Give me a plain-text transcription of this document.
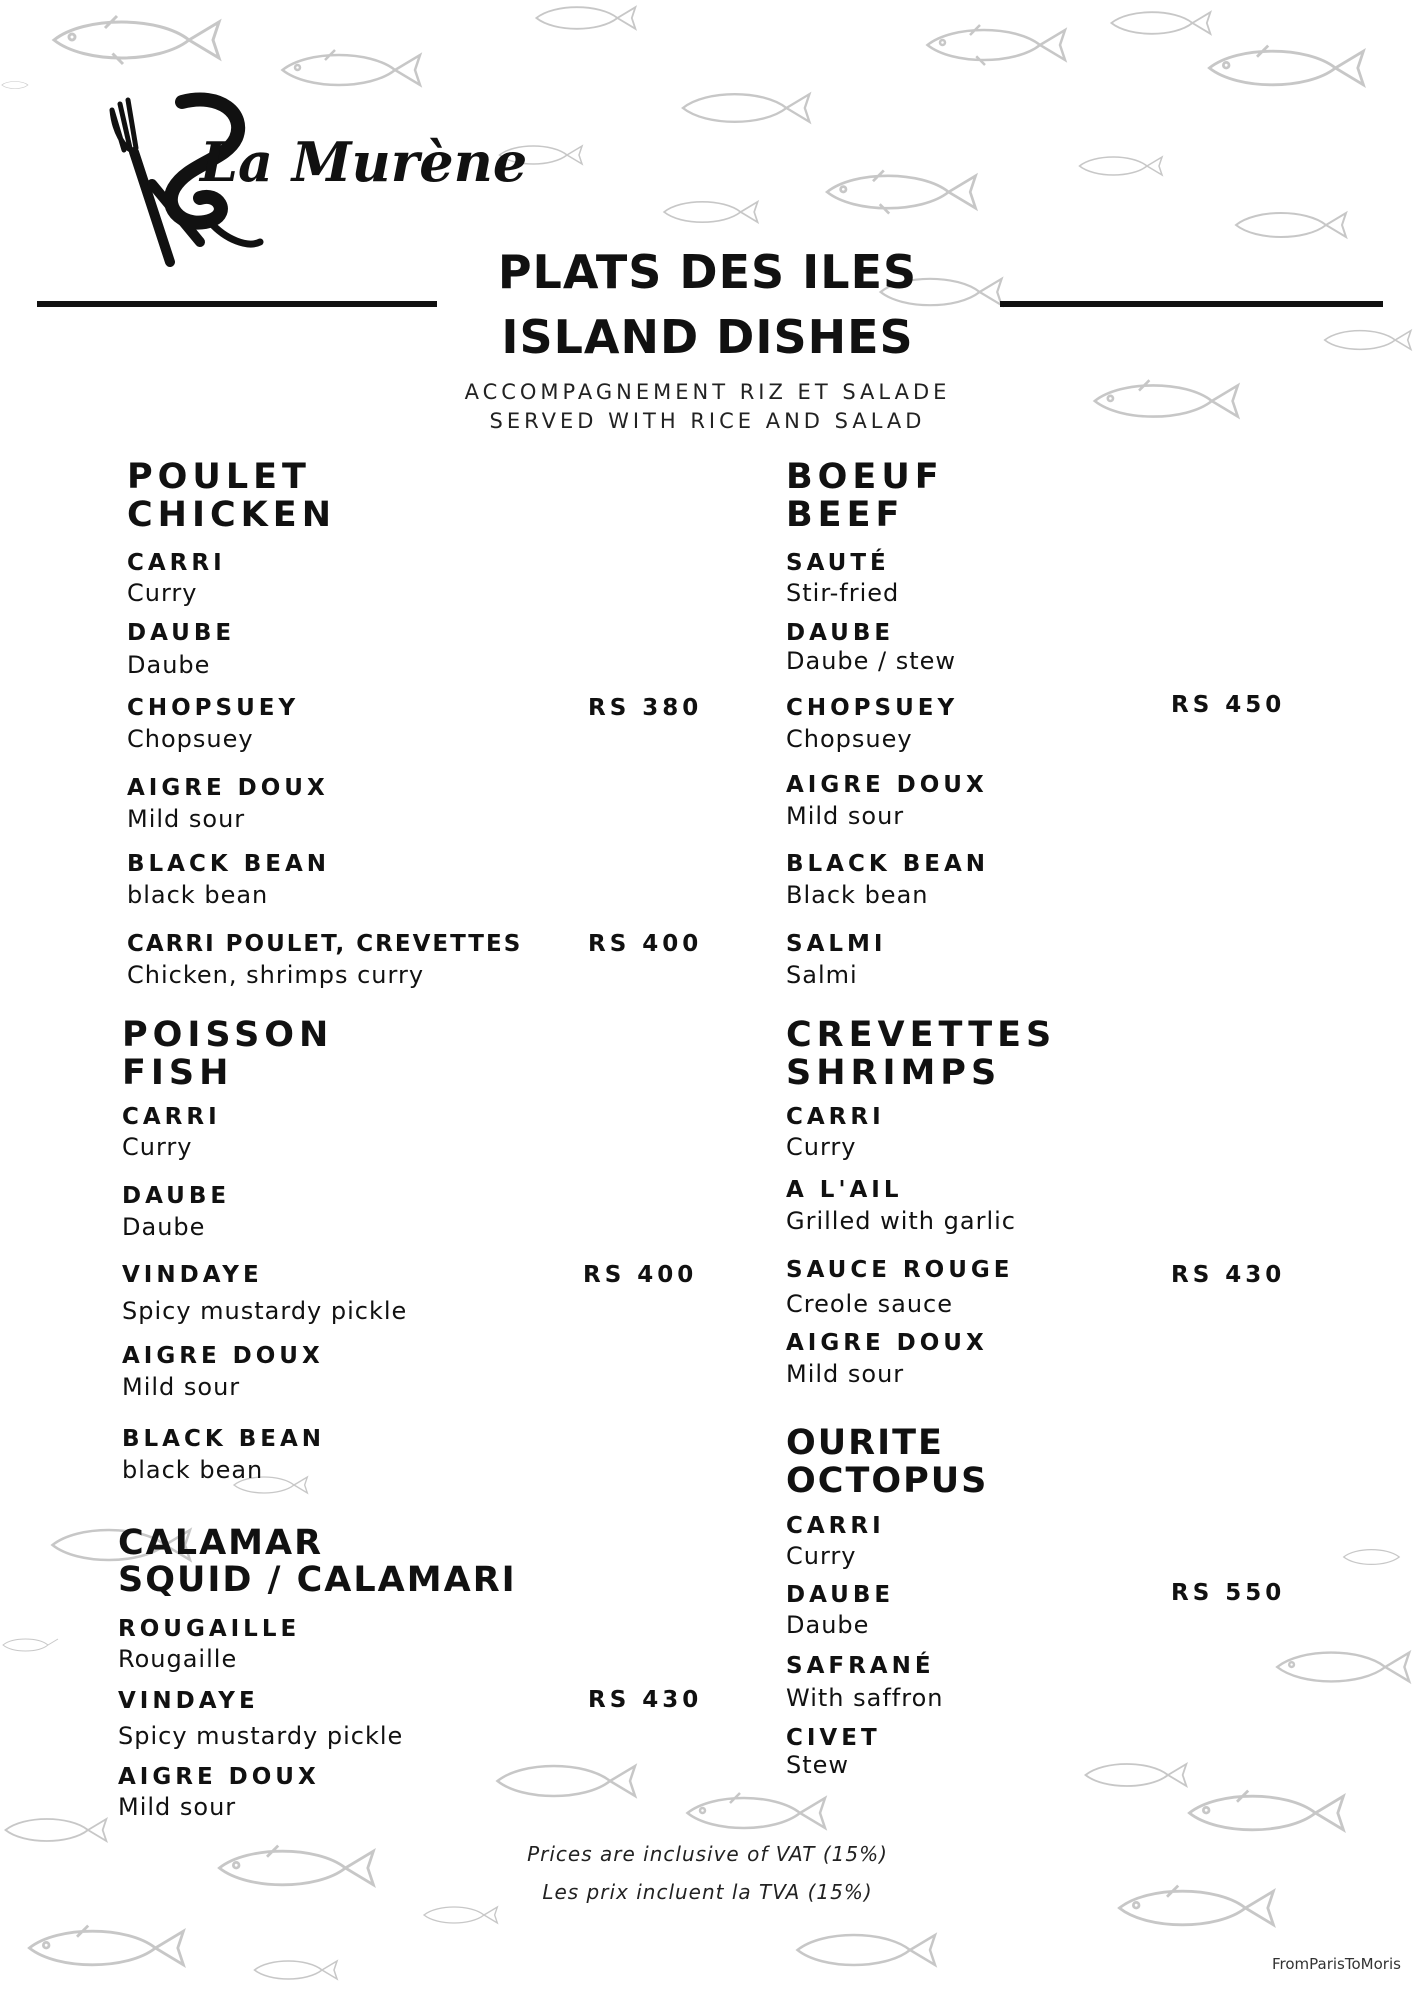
La Murène
PLATS DES ILES
ISLAND DISHES
ACCOMPAGNEMENT RIZ ET SALADE
SERVED WITH RICE AND SALAD
POULET
CHICKEN
CARRI
Curry
DAUBE
Daube
CHOPSUEY
Chopsuey
AIGRE DOUX
Mild sour
BLACK BEAN
black bean
CARRI POULET, CREVETTES
Chicken, shrimps curry
RS 380
RS 400
BOEUF
BEEF
SAUTÉ
Stir-fried
DAUBE
Daube / stew
CHOPSUEY
Chopsuey
AIGRE DOUX
Mild sour
BLACK BEAN
Black bean
SALMI
Salmi
RS 450
POISSON
FISH
CARRI
Curry
DAUBE
Daube
VINDAYE
Spicy mustardy pickle
AIGRE DOUX
Mild sour
BLACK BEAN
black bean
RS 400
CREVETTES
SHRIMPS
CARRI
Curry
A L'AIL
Grilled with garlic
SAUCE ROUGE
Creole sauce
AIGRE DOUX
Mild sour
RS 430
CALAMAR
SQUID / CALAMARI
ROUGAILLE
Rougaille
VINDAYE
Spicy mustardy pickle
AIGRE DOUX
Mild sour
RS 430
OURITE
OCTOPUS
CARRI
Curry
DAUBE
Daube
SAFRANÉ
With saffron
CIVET
Stew
RS 550
Prices are inclusive of VAT (15%)
Les prix incluent la TVA (15%)
FromParisToMoris
